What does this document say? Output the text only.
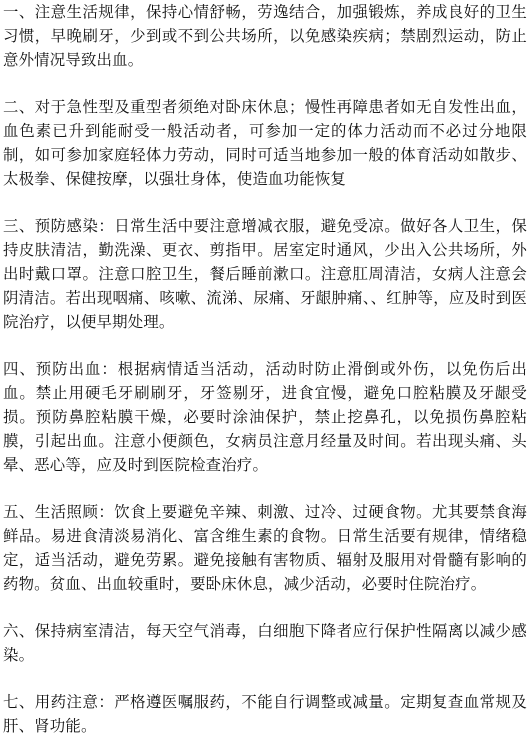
一、注意生活规律，保持心情舒畅，劳逸结合，加强锻炼，养成良好的卫生习惯，早晚刷牙，少到或不到公共场所，以免感染疾病；禁剧烈运动，防止意外情况导致出血。

二、对于急性型及重型者须绝对卧床休息；慢性再障患者如无自发性出血，血色素已升到能耐受一般活动者，可参加一定的体力活动而不必过分地限制，如可参加家庭轻体力劳动，同时可适当地参加一般的体育活动如散步、太极拳、保健按摩，以强壮身体，使造血功能恢复

三、预防感染：日常生活中要注意增减衣服，避免受凉。做好各人卫生，保持皮肤清洁，勤洗澡、更衣、剪指甲。居室定时通风，少出入公共场所，外出时戴口罩。注意口腔卫生，餐后睡前漱口。注意肛周清洁，女病人注意会阴清洁。若出现咽痛、咳嗽、流涕、尿痛、牙龈肿痛、、红肿等，应及时到医院治疗，以便早期处理。

四、预防出血：根据病情适当活动，活动时防止滑倒或外伤，以免伤后出血。禁止用硬毛牙刷刷牙，牙签剔牙，进食宜慢，避免口腔粘膜及牙龈受损。预防鼻腔粘膜干燥，必要时涂油保护，禁止挖鼻孔，以免损伤鼻腔粘膜，引起出血。注意小便颜色，女病员注意月经量及时间。若出现头痛、头晕、恶心等，应及时到医院检查治疗。

五、生活照顾：饮食上要避免辛辣、刺激、过冷、过硬食物。尤其要禁食海鲜品。易进食清淡易消化、富含维生素的食物。日常生活要有规律，情绪稳定，适当活动，避免劳累。避免接触有害物质、辐射及服用对骨髓有影响的药物。贫血、出血较重时，要卧床休息，减少活动，必要时住院治疗。

六、保持病室清洁，每天空气消毒，白细胞下降者应行保护性隔离以减少感染。

七、用药注意：严格遵医嘱服药，不能自行调整或减量。定期复查血常规及肝、肾功能。
